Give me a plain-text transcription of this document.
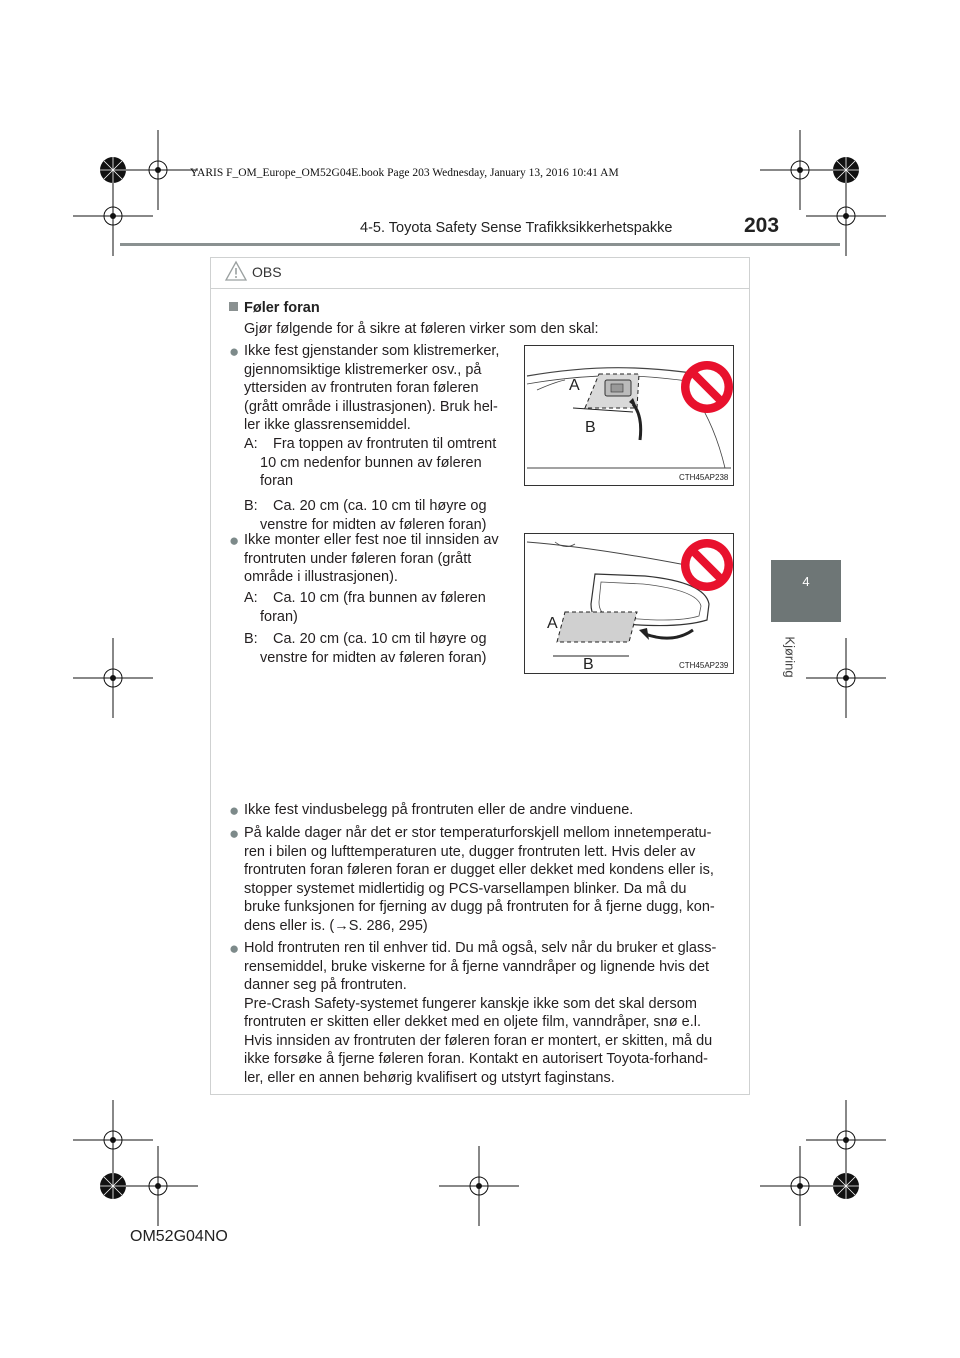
YARIS F_OM_Europe_OM52G04E.book Page 203 Wednesday, January 13, 2016 10:41 AM
4-5. Toyota Safety Sense Trafikksikkerhetspakke	203
4
Kjøring
OBS
Føler foran
Gjør følgende for å sikre at føleren virker som den skal:
● Ikke fest gjenstander som klistremerker,
gjennomsiktige klistremerker osv., på
yttersiden av frontruten foran føleren
(grått område i illustrasjonen). Bruk hel-
ler ikke glassrensemiddel.
A: Fra toppen av frontruten til omtrent
10 cm nedenfor bunnen av føleren
foran
B: Ca. 20 cm (ca. 10 cm til høyre og
venstre for midten av føleren foran)
A
B
CTH45AP238
● Ikke monter eller fest noe til innsiden av
frontruten under føleren foran (grått
område i illustrasjonen).
A: Ca. 10 cm (fra bunnen av føleren
foran)
B: Ca. 20 cm (ca. 10 cm til høyre og
venstre for midten av føleren foran)
A
B	CTH45AP239
● Ikke fest vindusbelegg på frontruten eller de andre vinduene.
● På kalde dager når det er stor temperaturforskjell mellom innetemperatu-
ren i bilen og lufttemperaturen ute, dugger frontruten lett. Hvis deler av
frontruten foran føleren foran er dugget eller dekket med kondens eller is,
stopper systemet midlertidig og PCS-varsellampen blinker. Da må du
bruke funksjonen for fjerning av dugg på frontruten for å fjerne dugg, kon-
dens eller is. (→S. 286, 295)
● Hold frontruten ren til enhver tid. Du må også, selv når du bruker et glass-
rensemiddel, bruke viskerne for å fjerne vanndråper og lignende hvis det
danner seg på frontruten.
Pre-Crash Safety-systemet fungerer kanskje ikke som det skal dersom
frontruten er skitten eller dekket med en oljete film, vanndråper, snø e.l.
Hvis innsiden av frontruten der føleren foran er montert, er skitten, må du
ikke forsøke å fjerne føleren foran. Kontakt en autorisert Toyota-forhand-
ler, eller en annen behørig kvalifisert og utstyrt faginstans.
OM52G04NO
